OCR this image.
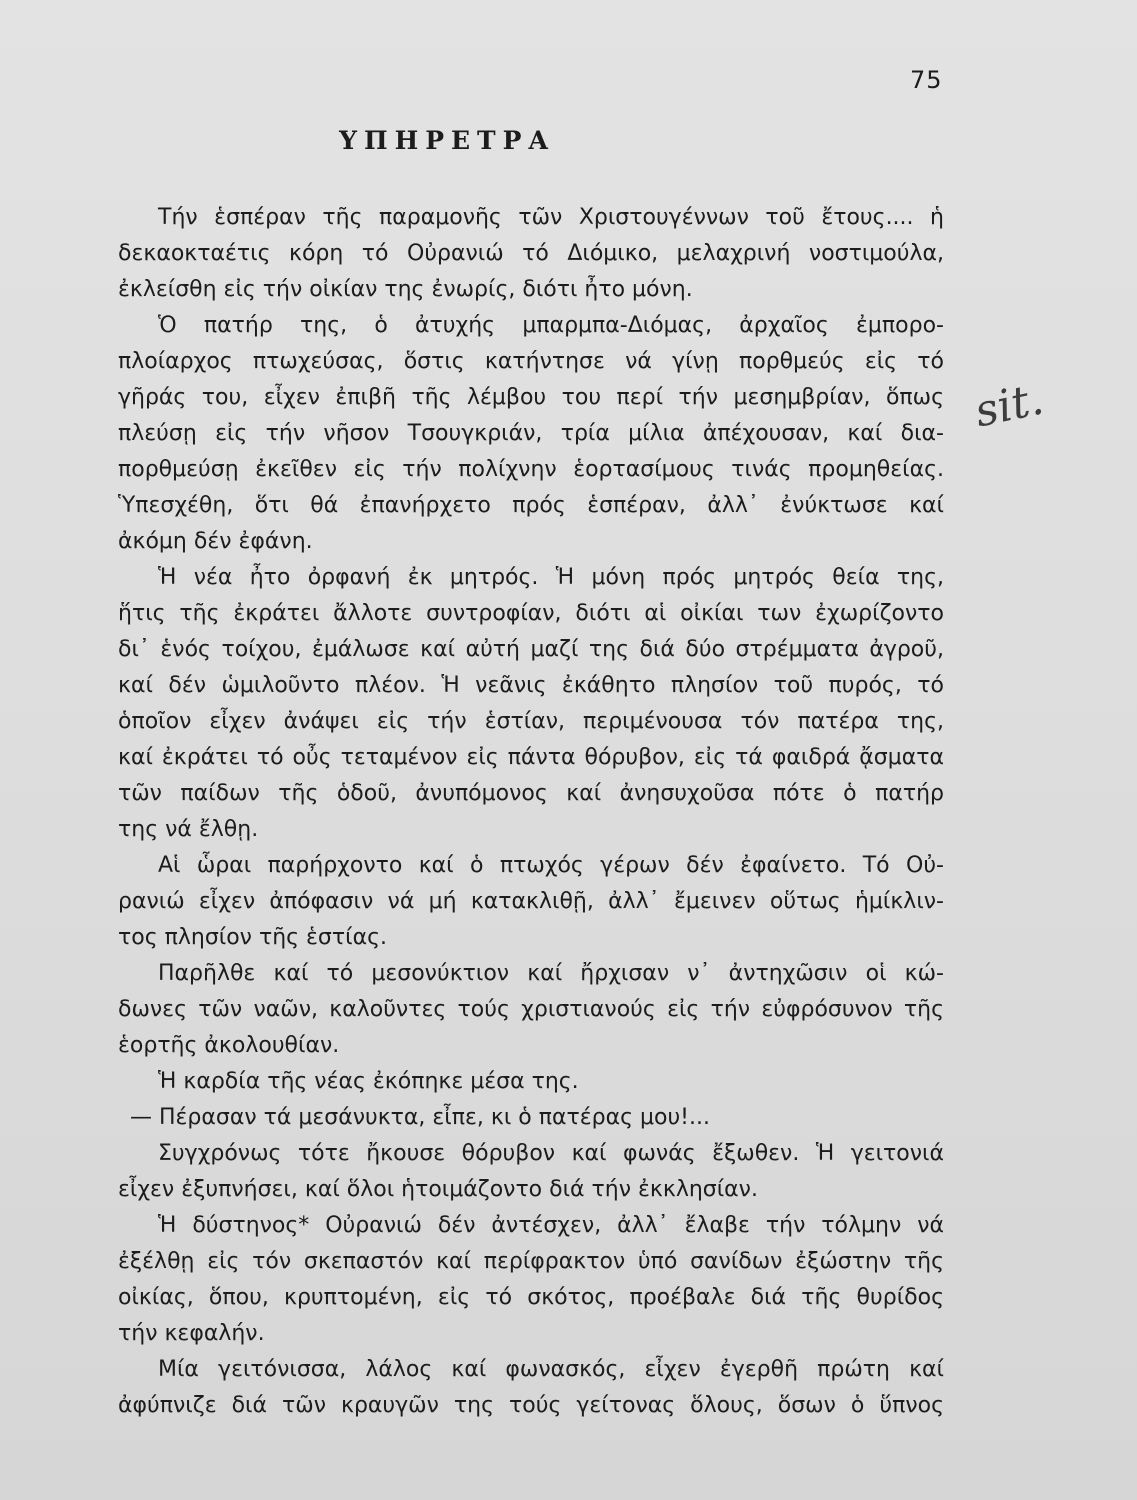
75
ΥΠΗΡΕΤΡΑ
sit.
Τήν ἑσπέραν τῆς παραμονῆς τῶν Χριστουγέννων τοῦ ἔτους.... ἡ
δεκαοκταέτις κόρη τό Οὐρανιώ τό Διόμικο, μελαχρινή νοστιμούλα,
ἐκλείσθη εἰς τήν οἰκίαν της ἐνωρίς, διότι ἦτο μόνη.
Ὁ πατήρ της, ὁ ἀτυχής μπαρμπα-Διόμας, ἀρχαῖος ἐμπορο-
πλοίαρχος πτωχεύσας, ὅστις κατήντησε νά γίνῃ πορθμεύς εἰς τό
γῆράς του, εἶχεν ἐπιβῆ τῆς λέμβου του περί τήν μεσημβρίαν, ὅπως
πλεύσῃ εἰς τήν νῆσον Τσουγκριάν, τρία μίλια ἀπέχουσαν, καί δια-
πορθμεύσῃ ἐκεῖθεν εἰς τήν πολίχνην ἑορτασίμους τινάς προμηθείας.
Ὑπεσχέθη, ὅτι θά ἐπανήρχετο πρός ἑσπέραν, ἀλλ᾽ ἐνύκτωσε καί
ἀκόμη δέν ἐφάνη.
Ἡ νέα ἦτο ὀρφανή ἐκ μητρός. Ἡ μόνη πρός μητρός θεία της,
ἥτις τῆς ἐκράτει ἄλλοτε συντροφίαν, διότι αἱ οἰκίαι των ἐχωρίζοντο
δι᾽ ἑνός τοίχου, ἐμάλωσε καί αὐτή μαζί της διά δύο στρέμματα ἀγροῦ,
καί δέν ὡμιλοῦντο πλέον. Ἡ νεᾶνις ἐκάθητο πλησίον τοῦ πυρός, τό
ὁποῖον εἶχεν ἀνάψει εἰς τήν ἑστίαν, περιμένουσα τόν πατέρα της,
καί ἐκράτει τό οὖς τεταμένον εἰς πάντα θόρυβον, εἰς τά φαιδρά ᾄσματα
τῶν παίδων τῆς ὁδοῦ, ἀνυπόμονος καί ἀνησυχοῦσα πότε ὁ πατήρ
της νά ἔλθῃ.
Αἱ ὧραι παρήρχοντο καί ὁ πτωχός γέρων δέν ἐφαίνετο. Τό Οὐ-
ρανιώ εἶχεν ἀπόφασιν νά μή κατακλιθῇ, ἀλλ᾽ ἔμεινεν οὕτως ἡμίκλιν-
τος πλησίον τῆς ἑστίας.
Παρῆλθε καί τό μεσονύκτιον καί ἤρχισαν ν᾽ ἀντηχῶσιν οἱ κώ-
δωνες τῶν ναῶν, καλοῦντες τούς χριστιανούς εἰς τήν εὐφρόσυνον τῆς
ἑορτῆς ἀκολουθίαν.
Ἡ καρδία τῆς νέας ἐκόπηκε μέσα της.
— Πέρασαν τά μεσάνυκτα, εἶπε, κι ὁ πατέρας μου!...
Συγχρόνως τότε ἤκουσε θόρυβον καί φωνάς ἔξωθεν. Ἡ γειτονιά
εἶχεν ἐξυπνήσει, καί ὅλοι ἡτοιμάζοντο διά τήν ἐκκλησίαν.
Ἡ δύστηνος* Οὐρανιώ δέν ἀντέσχεν, ἀλλ᾽ ἔλαβε τήν τόλμην νά
ἐξέλθῃ εἰς τόν σκεπαστόν καί περίφρακτον ὑπό σανίδων ἐξώστην τῆς
οἰκίας, ὅπου, κρυπτομένη, εἰς τό σκότος, προέβαλε διά τῆς θυρίδος
τήν κεφαλήν.
Μία γειτόνισσα, λάλος καί φωνασκός, εἶχεν ἐγερθῆ πρώτη καί
ἀφύπνιζε διά τῶν κραυγῶν της τούς γείτονας ὅλους, ὅσων ὁ ὕπνος
